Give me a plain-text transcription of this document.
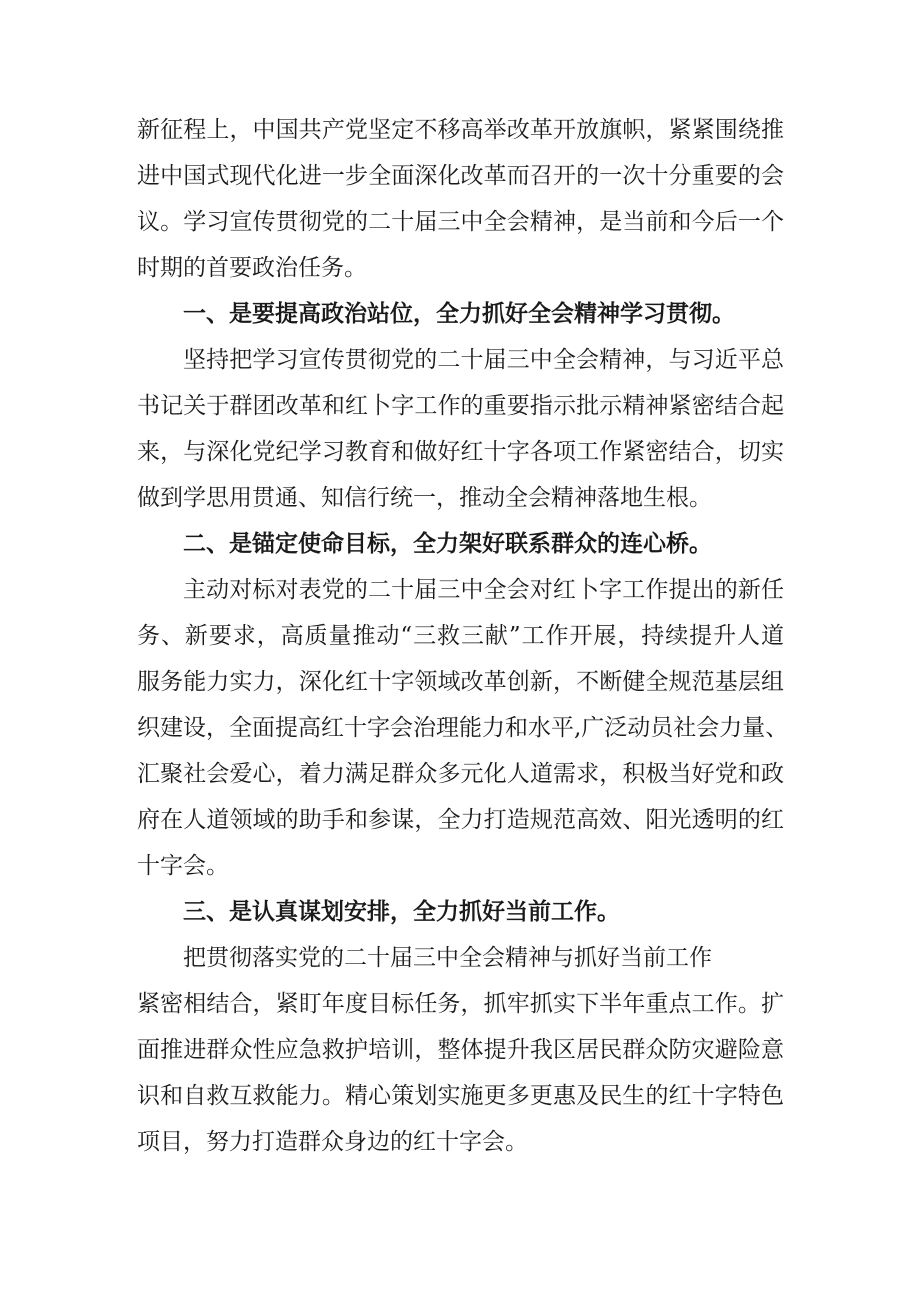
新征程上，中国共产党坚定不移高举改革开放旗帜，紧紧围绕推
进中国式现代化进一步全面深化改革而召开的一次十分重要的会
议。学习宣传贯彻党的二十届三中全会精神，是当前和今后一个
时期的首要政治任务。
一、是要提高政治站位，全力抓好全会精神学习贯彻。
坚持把学习宣传贯彻党的二十届三中全会精神，与习近平总
书记关于群团改革和红卜字工作的重要指示批示精神紧密结合起
来，与深化党纪学习教育和做好红十字各项工作紧密结合，切实
做到学思用贯通、知信行统一，推动全会精神落地生根。
二、是锚定使命目标，全力架好联系群众的连心桥。
主动对标对表党的二十届三中全会对红卜字工作提出的新任
务、新要求，高质量推动“三救三献”工作开展，持续提升人道
服务能力实力，深化红十字领域改革创新，不断健全规范基层组
织建设，全面提高红十字会治理能力和水平,广泛动员社会力量、
汇聚社会爱心，着力满足群众多元化人道需求，积极当好党和政
府在人道领域的助手和参谋，全力打造规范高效、阳光透明的红
十字会。
三、是认真谋划安排，全力抓好当前工作。
把贯彻落实党的二十届三中全会精神与抓好当前工作
紧密相结合，紧盯年度目标任务，抓牢抓实下半年重点工作。扩
面推进群众性应急救护培训，整体提升我区居民群众防灾避险意
识和自救互救能力。精心策划实施更多更惠及民生的红十字特色
项目，努力打造群众身边的红十字会。
